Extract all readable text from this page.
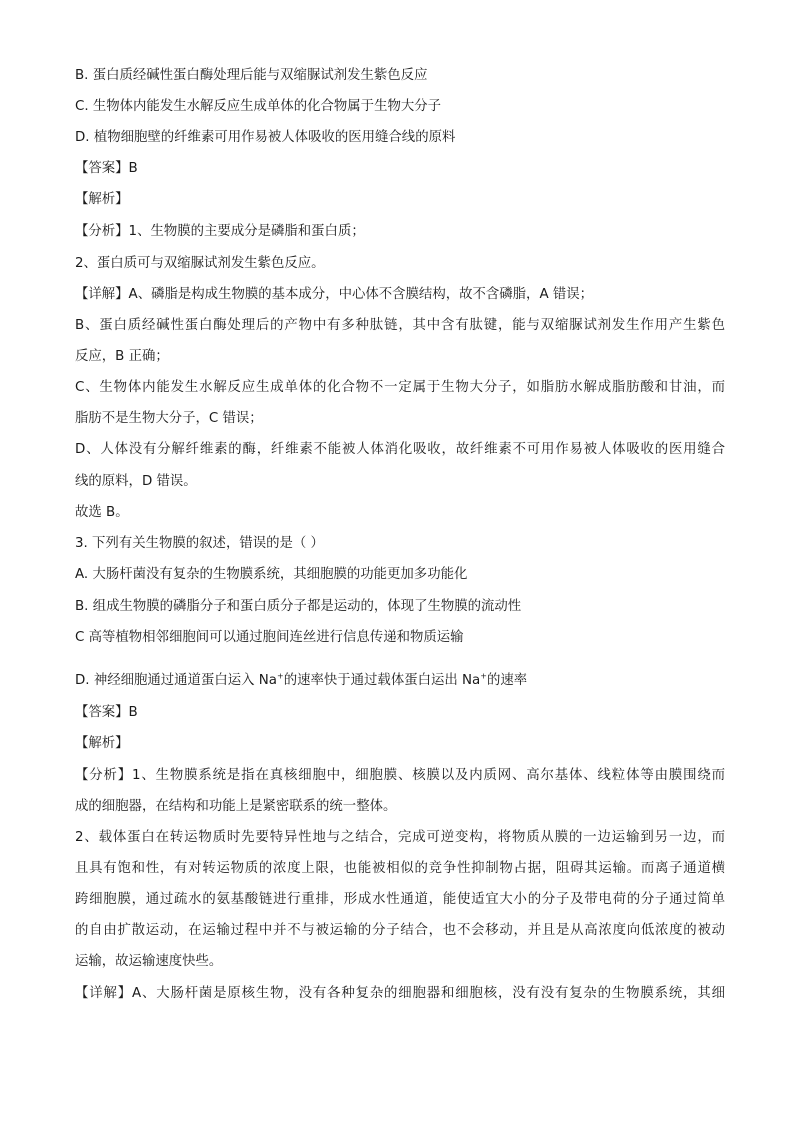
B. 蛋白质经碱性蛋白酶处理后能与双缩脲试剂发生紫色反应
C. 生物体内能发生水解反应生成单体的化合物属于生物大分子
D. 植物细胞壁的纤维素可用作易被人体吸收的医用缝合线的原料
【答案】B
【解析】
【分析】1、生物膜的主要成分是磷脂和蛋白质；
2、蛋白质可与双缩脲试剂发生紫色反应。
【详解】A、磷脂是构成生物膜的基本成分，中心体不含膜结构，故不含磷脂，A 错误；
B、蛋白质经碱性蛋白酶处理后的产物中有多种肽链，其中含有肽键，能与双缩脲试剂发生作用产生紫色
反应，B 正确；
C、生物体内能发生水解反应生成单体的化合物不一定属于生物大分子，如脂肪水解成脂肪酸和甘油，而
脂肪不是生物大分子，C 错误；
D、人体没有分解纤维素的酶，纤维素不能被人体消化吸收，故纤维素不可用作易被人体吸收的医用缝合
线的原料，D 错误。
故选 B。
3. 下列有关生物膜的叙述，错误的是（ ）
A. 大肠杆菌没有复杂的生物膜系统，其细胞膜的功能更加多功能化
B. 组成生物膜的磷脂分子和蛋白质分子都是运动的，体现了生物膜的流动性
C 高等植物相邻细胞间可以通过胞间连丝进行信息传递和物质运输
D. 神经细胞通过通道蛋白运入 Na+的速率快于通过载体蛋白运出 Na+的速率
【答案】B
【解析】
【分析】1、生物膜系统是指在真核细胞中，细胞膜、核膜以及内质网、高尔基体、线粒体等由膜围绕而
成的细胞器，在结构和功能上是紧密联系的统一整体。
2、载体蛋白在转运物质时先要特异性地与之结合，完成可逆变构，将物质从膜的一边运输到另一边，而
且具有饱和性，有对转运物质的浓度上限，也能被相似的竞争性抑制物占据，阻碍其运输。而离子通道横
跨细胞膜，通过疏水的氨基酸链进行重排，形成水性通道，能使适宜大小的分子及带电荷的分子通过简单
的自由扩散运动，在运输过程中并不与被运输的分子结合，也不会移动，并且是从高浓度向低浓度的被动
运输，故运输速度快些。
【详解】A、大肠杆菌是原核生物，没有各种复杂的细胞器和细胞核，没有没有复杂的生物膜系统，其细
